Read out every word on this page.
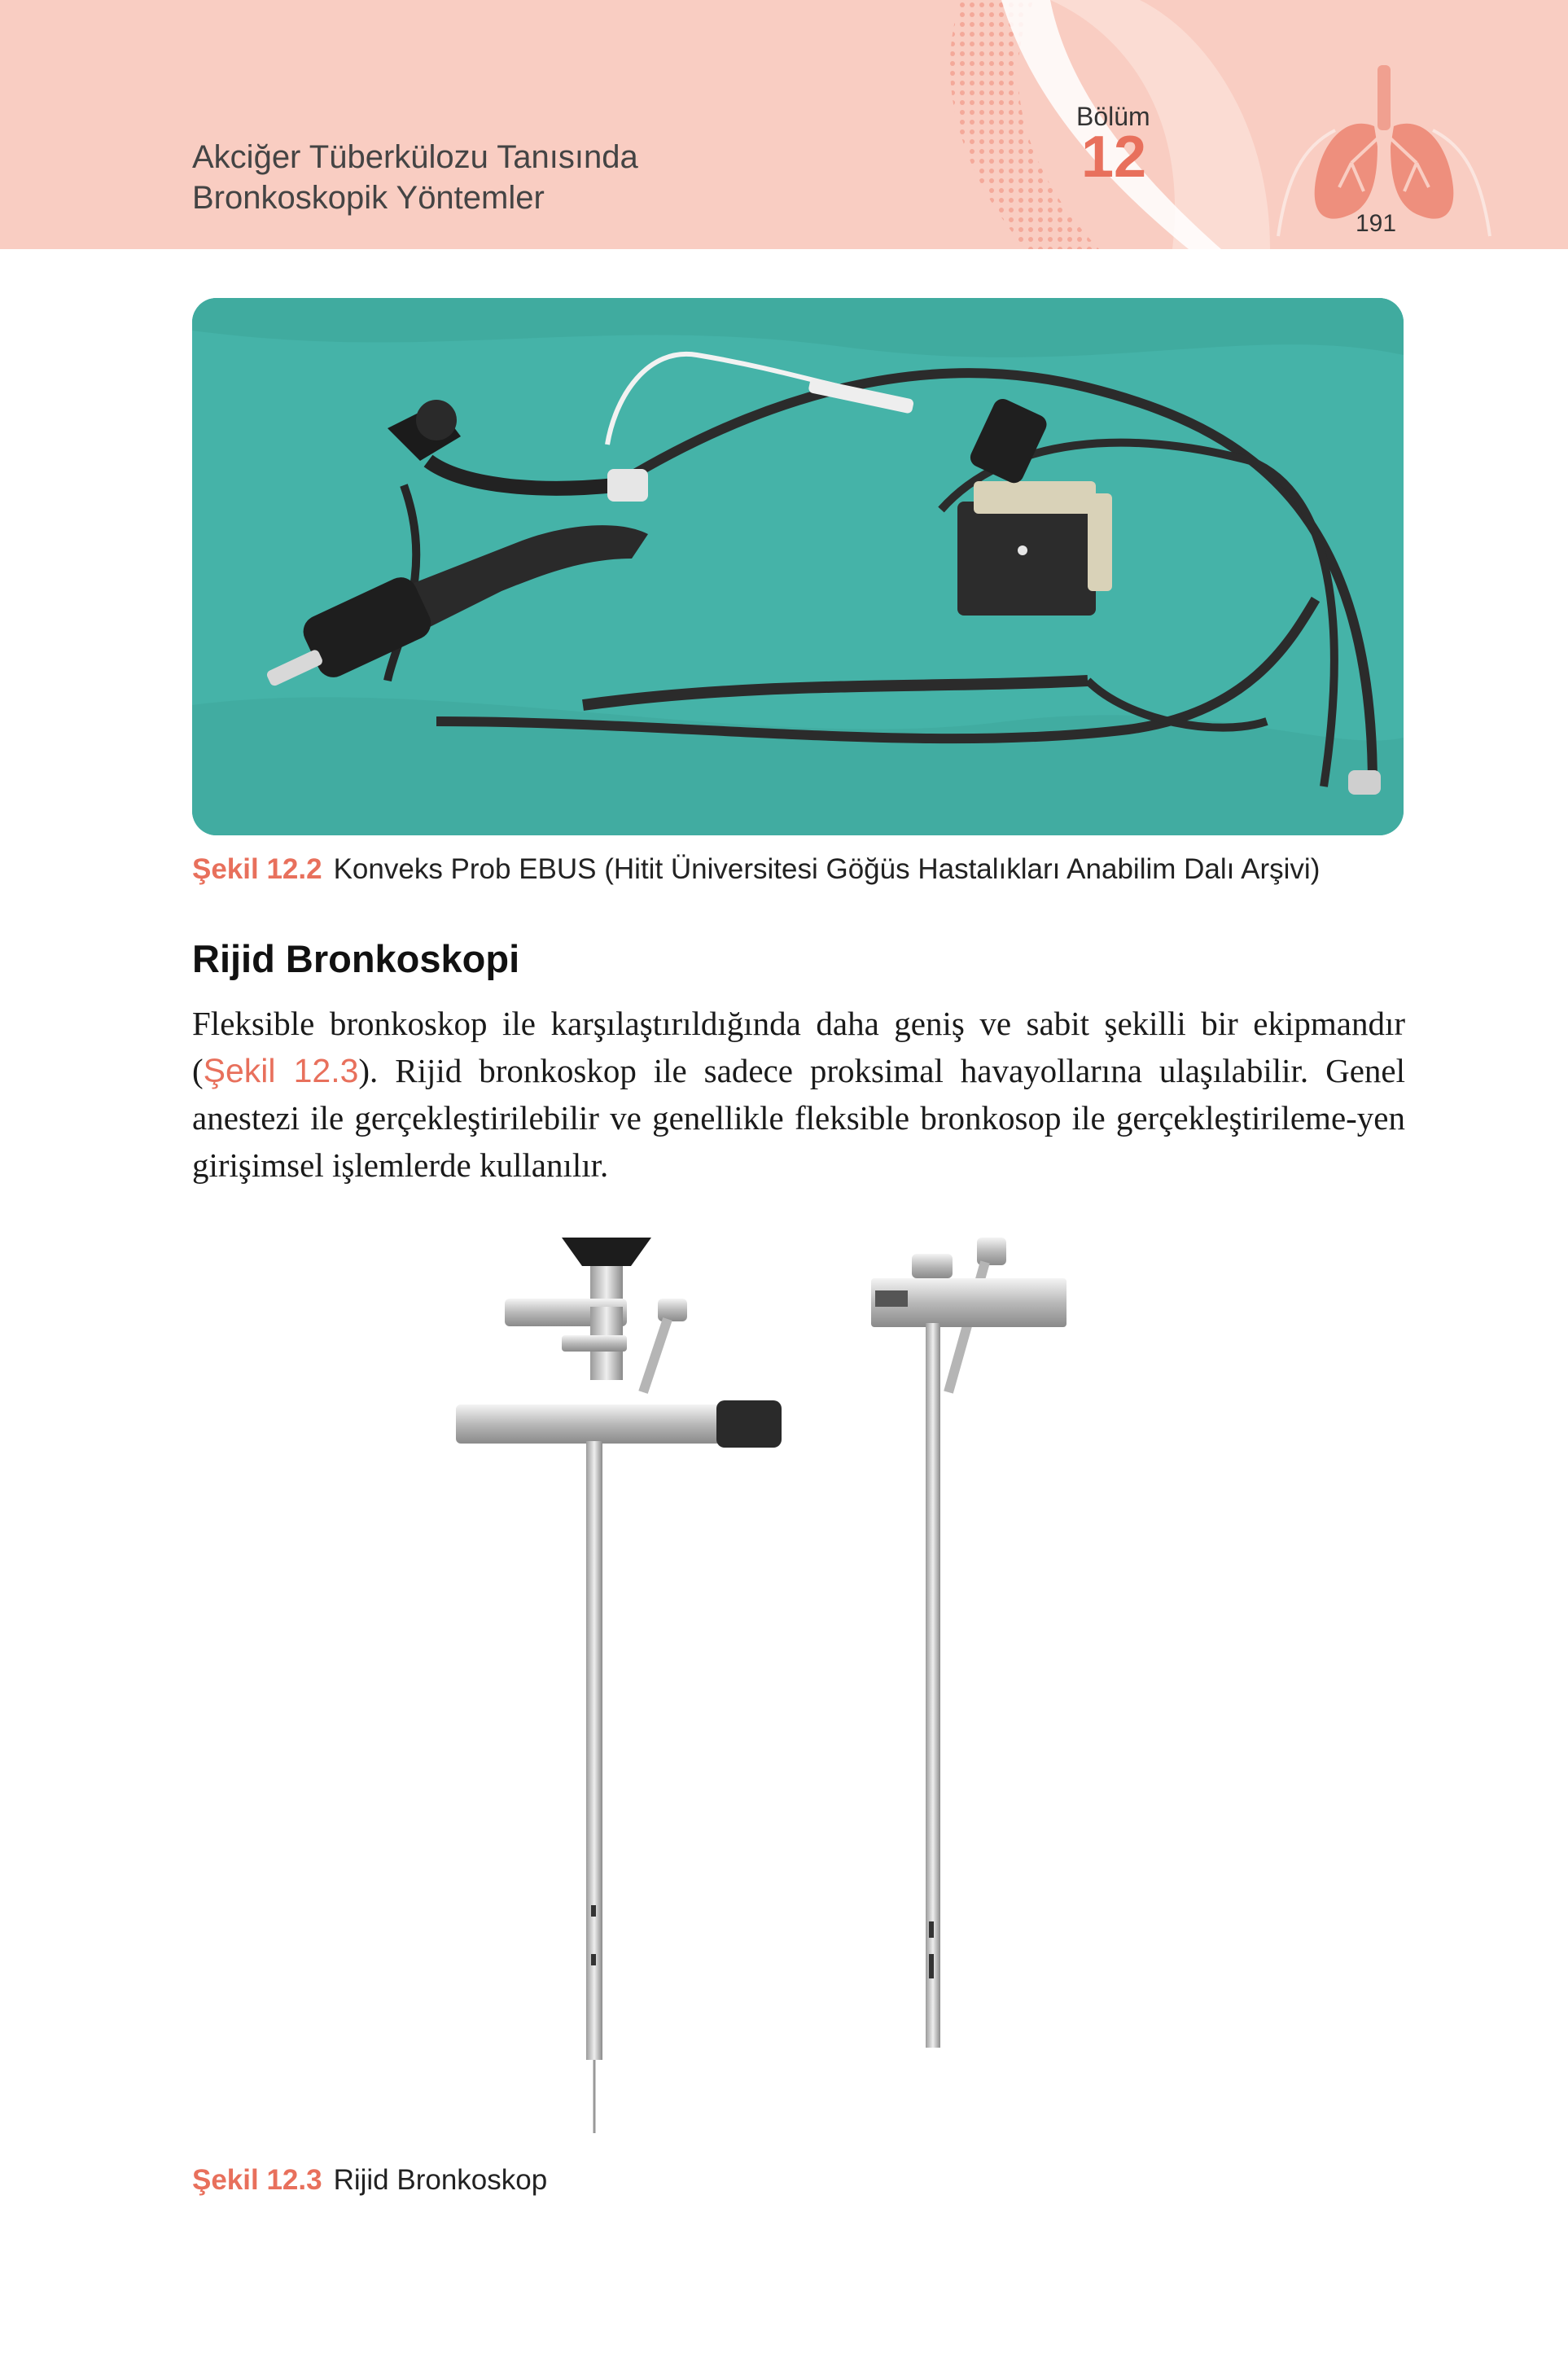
Akciğer Tüberkülozu Tanısında
Bronkoskopik Yöntemler
Bölüm
12
191
Şekil 12.2 Konveks Prob EBUS (Hitit Üniversitesi Göğüs Hastalıkları Anabilim Dalı Arşivi)
Rijid Bronkoskopi
Fleksible bronkoskop ile karşılaştırıldığında daha geniş ve sabit şekilli bir ekipmandır (Şekil 12.3). Rijid bronkoskop ile sadece proksimal havayollarına ulaşılabilir. Genel anestezi ile gerçekleştirilebilir ve genellikle fleksible bronkosop ile gerçekleştirileme-yen girişimsel işlemlerde kullanılır.
Şekil 12.3 Rijid Bronkoskop
